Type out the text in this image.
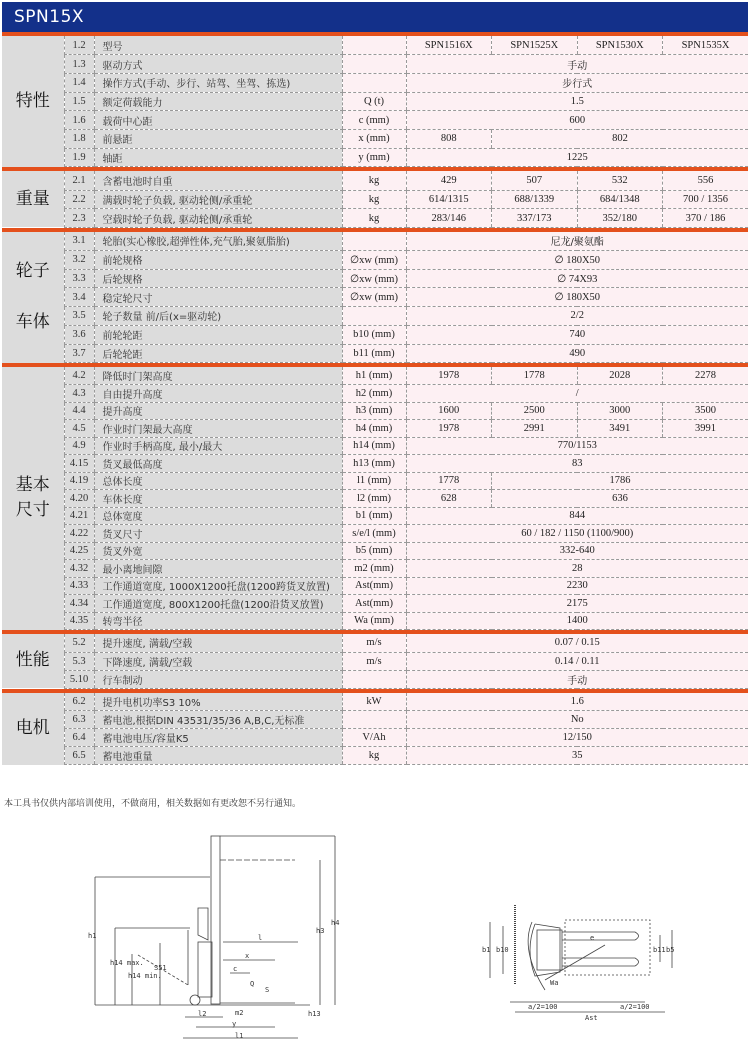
SPN15X
特性	1.2	型号		SPN1516X	SPN1525X	SPN1530X	SPN1535X
	1.3	驱动方式		手动			
	1.4	操作方式(手动、步行、站驾、坐驾、拣选)		步行式			
	1.5	额定荷载能力	Q (t)	1.5			
	1.6	载荷中心距	c (mm)	600			
	1.8	前悬距	x (mm)	808	802		
	1.9	轴距	y (mm)	1225			
重量	2.1	含蓄电池时自重	kg	429	507	532	556
	2.2	满载时轮子负载, 驱动轮侧/承重轮	kg	614/1315	688/1339	684/1348	700 / 1356
	2.3	空载时轮子负载, 驱动轮侧/承重轮	kg	283/146	337/173	352/180	370 / 186
轮子

车体	3.1	轮胎(实心橡胶,超弹性体,充气胎,聚氨脂胎)		尼龙/聚氨酯
	3.2	前轮规格	∅xw (mm)	∅ 180X50
	3.3	后轮规格	∅xw (mm)	∅ 74X93
	3.4	稳定轮尺寸	∅xw (mm)	∅ 180X50
	3.5	轮子数量 前/后(x=驱动轮)		2/2
	3.6	前轮轮距	b10 (mm)	740
	3.7	后轮轮距	b11 (mm)	490
基本
尺寸	4.2	降低时门架高度	h1 (mm)	1978	1778	2028	2278
	4.3	自由提升高度	h2 (mm)	/			
	4.4	提升高度	h3 (mm)	1600	2500	3000	3500
	4.5	作业时门架最大高度	h4 (mm)	1978	2991	3491	3991
	4.9	作业时手柄高度, 最小/最大	h14 (mm)	770/1153			
	4.15	货叉最低高度	h13 (mm)	83			
	4.19	总体长度	l1 (mm)	1778	1786		
	4.20	车体长度	l2 (mm)	628	636		
	4.21	总体宽度	b1 (mm)	844			
	4.22	货叉尺寸	s/e/l (mm)	60 / 182 / 1150 (1100/900)			
	4.25	货叉外宽	b5 (mm)	332-640			
	4.32	最小离地间隙	m2 (mm)	28			
	4.33	工作通道宽度, 1000X1200托盘(1200跨货叉放置)	Ast(mm)	2230			
	4.34	工作通道宽度, 800X1200托盘(1200沿货叉放置)	Ast(mm)	2175			
	4.35	转弯半径	Wa (mm)	1400			
性能	5.2	提升速度, 满载/空载	m/s	0.07 / 0.15
	5.3	下降速度, 满载/空载	m/s	0.14 / 0.11
	5.10	行车制动		手动
电机	6.2	提升电机功率S3 10%	kW	1.6
	6.3	蓄电池,根据DIN 43531/35/36 A,B,C,无标准		No
	6.4	蓄电池电压/容量K5	V/Ah	12/150
	6.5	蓄电池重量	kg	35
本工具书仅供内部培训使用，不做商用，相关数据如有更改恕不另行通知。
h1
h14 max.
h14 min.
S51
l
x
c
Q
S
m2
l2
y
l1
h3
h4
h13
b1 b10
e
b11 b5
Wa
a/2=100	a/2=100
Ast
